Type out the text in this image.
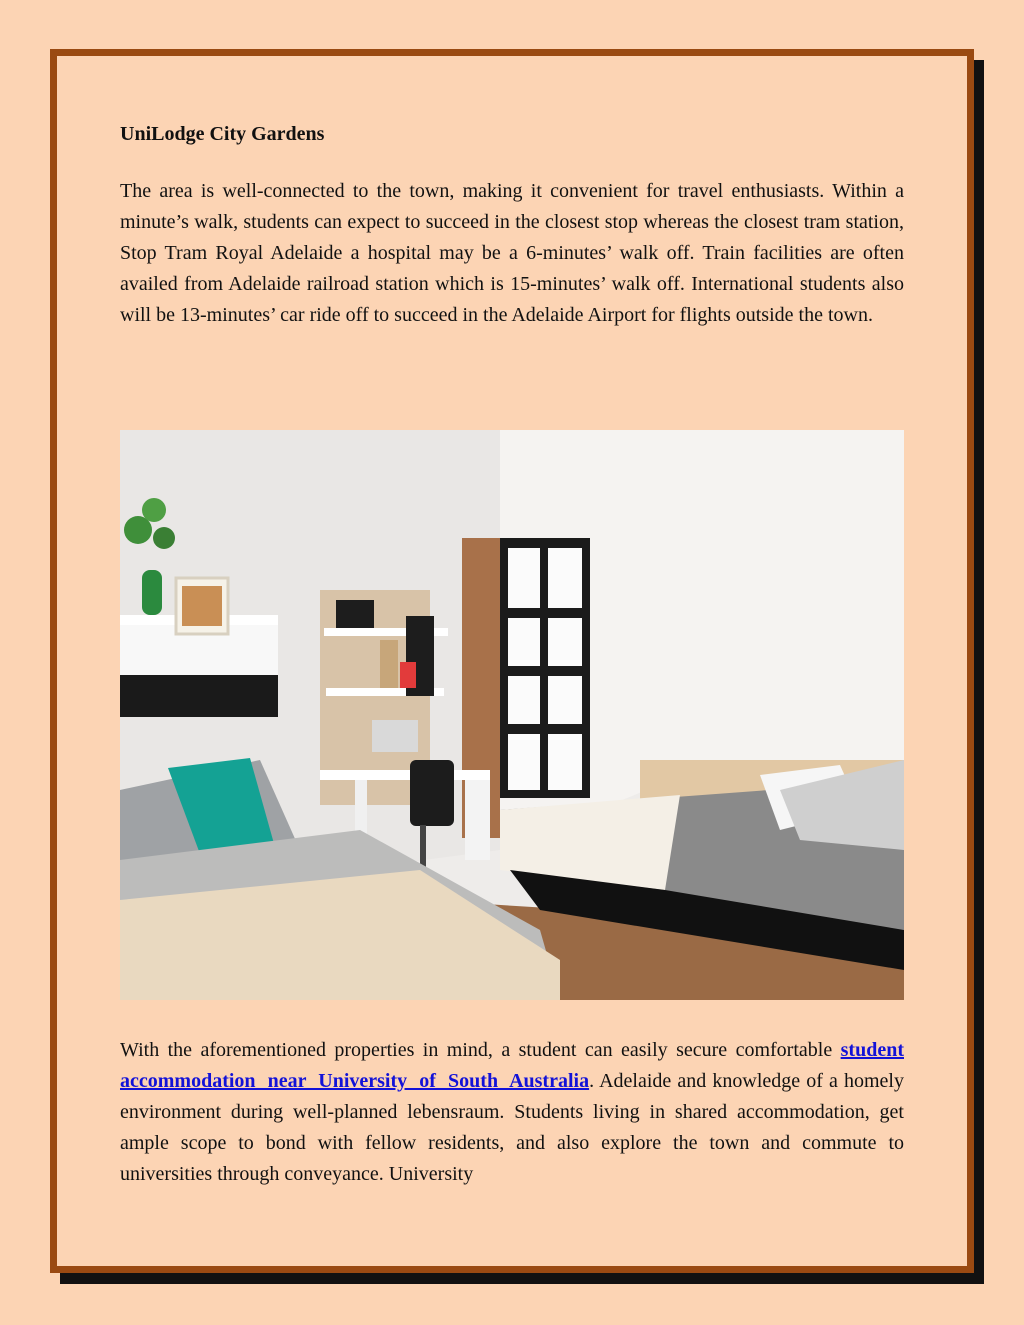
UniLodge City Gardens

The area is well-connected to the town, making it convenient for travel enthusiasts. Within a minute’s walk, students can expect to succeed in the closest stop whereas the closest tram station, Stop Tram Royal Adelaide a hospital may be a 6-minutes’ walk off. Train facilities are often availed from Adelaide railroad station which is 15-minutes’ walk off. International students also will be 13-minutes’ car ride off to succeed in the Adelaide Airport for flights outside the town.

With the aforementioned properties in mind, a student can easily secure comfortable student accommodation near University of South Australia. Adelaide and knowledge of a homely environment during well-planned lebensraum. Students living in shared accommodation, get ample scope to bond with fellow residents, and also explore the town and commute to universities through conveyance. University
